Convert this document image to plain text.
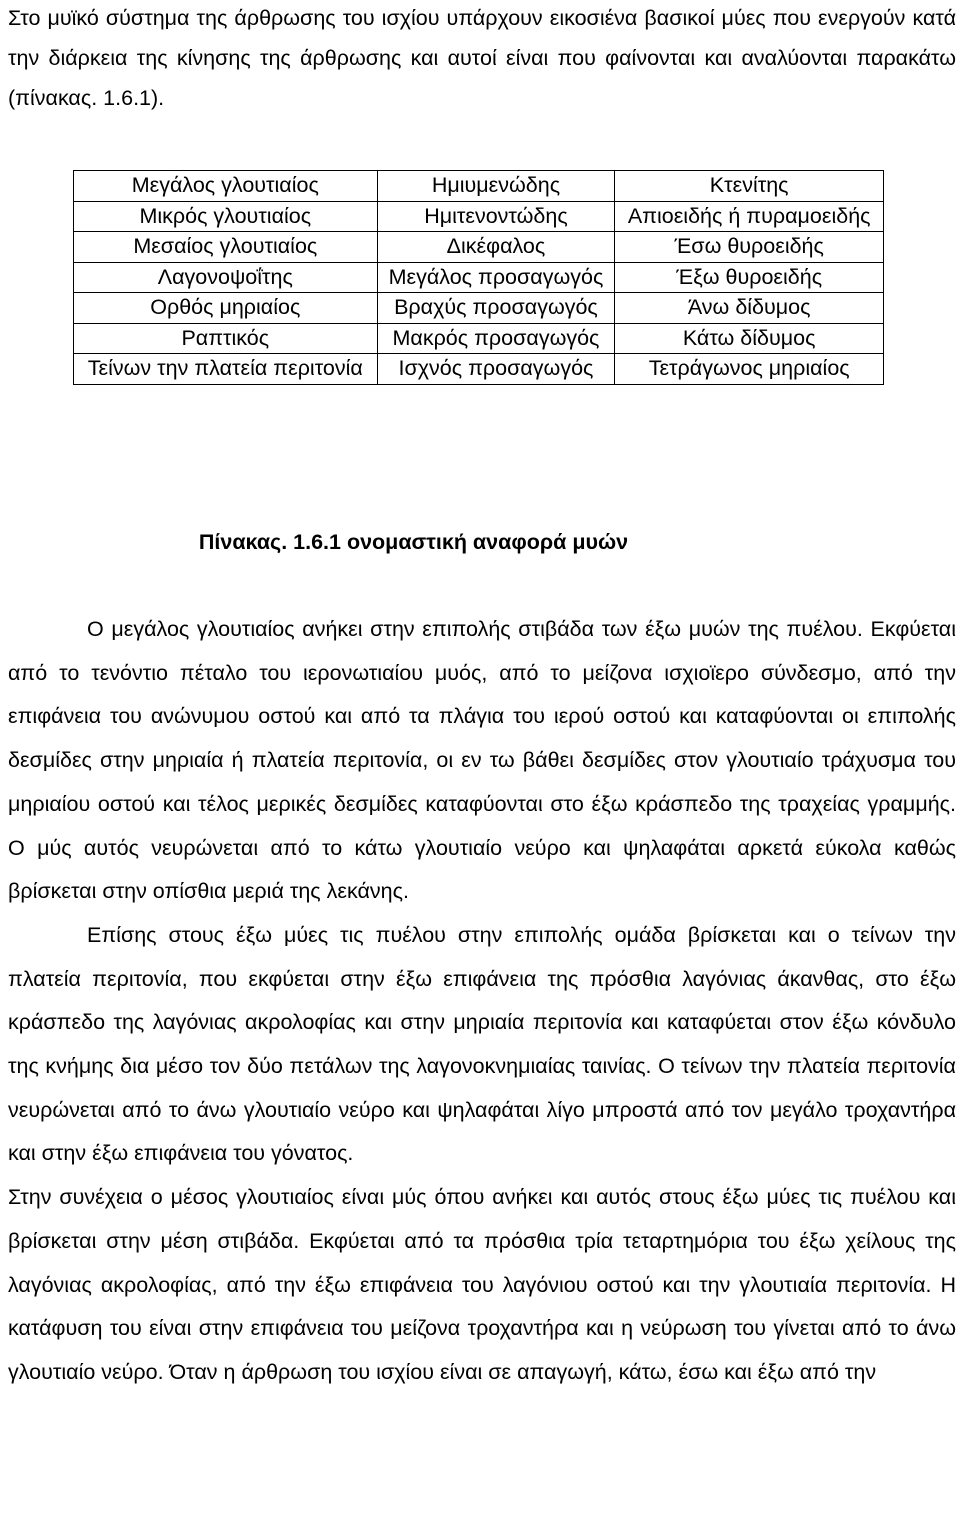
Στο μυϊκό σύστημα της άρθρωσης του ισχίου υπάρχουν εικοσιένα βασικοί μύες που ενεργούν κατά την διάρκεια της κίνησης της άρθρωσης και αυτοί είναι που φαίνονται και αναλύονται παρακάτω (πίνακας. 1.6.1).

Μεγάλος γλουτιαίος	Ημιυμενώδης	Κτενίτης
Μικρός γλουτιαίος	Ημιτενοντώδης	Απιοειδής ή πυραμοειδής
Μεσαίος γλουτιαίος	Δικέφαλος	Έσω θυροειδής
Λαγονοψοΐτης	Μεγάλος προσαγωγός	Έξω θυροειδής
Ορθός μηριαίος	Βραχύς προσαγωγός	Άνω δίδυμος
Ραπτικός	Μακρός προσαγωγός	Κάτω δίδυμος
Τείνων την πλατεία περιτονία	Ισχνός προσαγωγός	Τετράγωνος μηριαίος
Πίνακας. 1.6.1 ονομαστική αναφορά μυών

Ο μεγάλος γλουτιαίος ανήκει στην επιπολής στιβάδα των έξω μυών της πυέλου. Εκφύεται από το τενόντιο πέταλο του ιερονωτιαίου μυός, από το μείζονα ισχιοϊερο σύνδεσμο, από την επιφάνεια του ανώνυμου οστού και από τα πλάγια του ιερού οστού και καταφύονται οι επιπολής δεσμίδες στην μηριαία ή πλατεία περιτονία, οι εν τω βάθει δεσμίδες στον γλουτιαίο τράχυσμα του μηριαίου οστού και τέλος μερικές δεσμίδες καταφύονται στο έξω κράσπεδο της τραχείας γραμμής. Ο μύς αυτός νευρώνεται από το κάτω γλουτιαίο νεύρο και ψηλαφάται αρκετά εύκολα καθώς βρίσκεται στην οπίσθια μεριά της λεκάνης.

Επίσης στους έξω μύες τις πυέλου στην επιπολής ομάδα βρίσκεται και ο τείνων την πλατεία περιτονία, που εκφύεται στην έξω επιφάνεια της πρόσθια λαγόνιας άκανθας, στο έξω κράσπεδο της λαγόνιας ακρολοφίας και στην μηριαία περιτονία και καταφύεται στον έξω κόνδυλο της κνήμης δια μέσο τον δύο πετάλων της λαγονοκνημιαίας ταινίας. Ο τείνων την πλατεία περιτονία νευρώνεται από το άνω γλουτιαίο νεύρο και ψηλαφάται λίγο μπροστά από τον μεγάλο τροχαντήρα και στην έξω επιφάνεια του γόνατος.

Στην συνέχεια ο μέσος γλουτιαίος είναι μύς όπου ανήκει και αυτός στους έξω μύες τις πυέλου και βρίσκεται στην μέση στιβάδα. Εκφύεται από τα πρόσθια τρία τεταρτημόρια του έξω χείλους της λαγόνιας ακρολοφίας, από την έξω επιφάνεια του λαγόνιου οστού και την γλουτιαία περιτονία. Η κατάφυση του είναι στην επιφάνεια του μείζονα τροχαντήρα και η νεύρωση του γίνεται από το άνω γλουτιαίο νεύρο. Όταν η άρθρωση του ισχίου είναι σε απαγωγή, κάτω, έσω και έξω από την
